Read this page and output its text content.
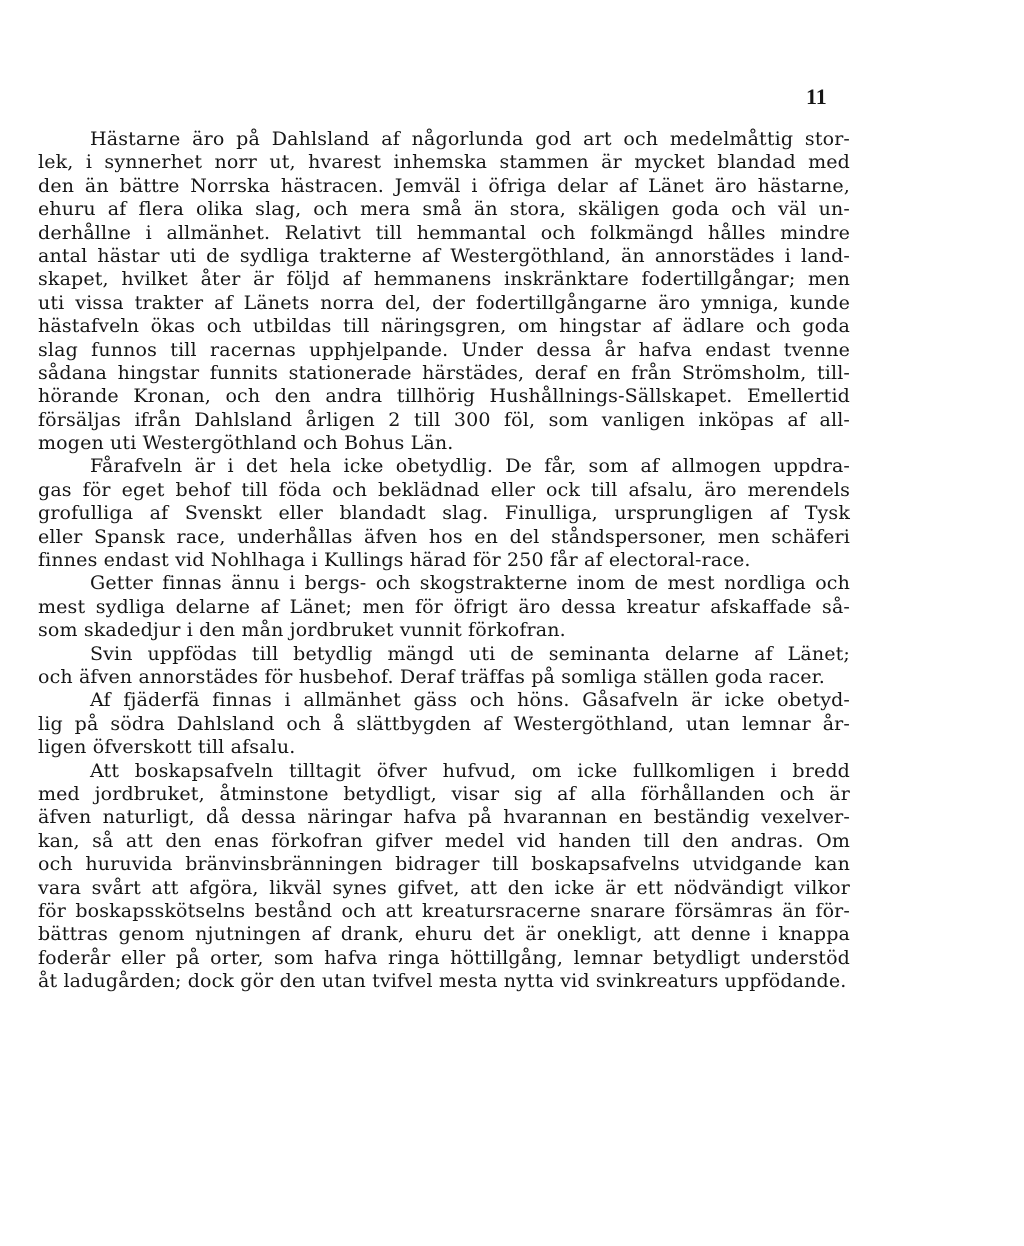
11
Hästarne äro på Dahlsland af någorlunda god art och medelmåttig stor-
lek, i synnerhet norr ut, hvarest inhemska stammen är mycket blandad med
den än bättre Norrska hästracen. Jemväl i öfriga delar af Länet äro hästarne,
ehuru af flera olika slag, och mera små än stora, skäligen goda och väl un-
derhållne i allmänhet. Relativt till hemmantal och folkmängd hålles mindre
antal hästar uti de sydliga trakterne af Westergöthland, än annorstädes i land-
skapet, hvilket åter är följd af hemmanens inskränktare fodertillgångar; men
uti vissa trakter af Länets norra del, der fodertillgångarne äro ymniga, kunde
hästafveln ökas och utbildas till näringsgren, om hingstar af ädlare och goda
slag funnos till racernas upphjelpande. Under dessa år hafva endast tvenne
sådana hingstar funnits stationerade härstädes, deraf en från Strömsholm, till-
hörande Kronan, och den andra tillhörig Hushållnings-Sällskapet. Emellertid
försäljas ifrån Dahlsland årligen 2 till 300 föl, som vanligen inköpas af all-
mogen uti Westergöthland och Bohus Län.
Fårafveln är i det hela icke obetydlig. De får, som af allmogen uppdra-
gas för eget behof till föda och beklädnad eller ock till afsalu, äro merendels
grofulliga af Svenskt eller blandadt slag. Finulliga, ursprungligen af Tysk
eller Spansk race, underhållas äfven hos en del ståndspersoner, men schäferi
finnes endast vid Nohlhaga i Kullings härad för 250 får af electoral-race.
Getter finnas ännu i bergs- och skogstrakterne inom de mest nordliga och
mest sydliga delarne af Länet; men för öfrigt äro dessa kreatur afskaffade så-
som skadedjur i den mån jordbruket vunnit förkofran.
Svin uppfödas till betydlig mängd uti de seminanta delarne af Länet;
och äfven annorstädes för husbehof. Deraf träffas på somliga ställen goda racer.
Af fjäderfä finnas i allmänhet gäss och höns. Gåsafveln är icke obetyd-
lig på södra Dahlsland och å slättbygden af Westergöthland, utan lemnar år-
ligen öfverskott till afsalu.
Att boskapsafveln tilltagit öfver hufvud, om icke fullkomligen i bredd
med jordbruket, åtminstone betydligt, visar sig af alla förhållanden och är
äfven naturligt, då dessa näringar hafva på hvarannan en beständig vexelver-
kan, så att den enas förkofran gifver medel vid handen till den andras. Om
och huruvida bränvinsbränningen bidrager till boskapsafvelns utvidgande kan
vara svårt att afgöra, likväl synes gifvet, att den icke är ett nödvändigt vilkor
för boskapsskötselns bestånd och att kreatursracerne snarare försämras än för-
bättras genom njutningen af drank, ehuru det är onekligt, att denne i knappa
foderår eller på orter, som hafva ringa höttillgång, lemnar betydligt understöd
åt ladugården; dock gör den utan tvifvel mesta nytta vid svinkreaturs uppfödande.
